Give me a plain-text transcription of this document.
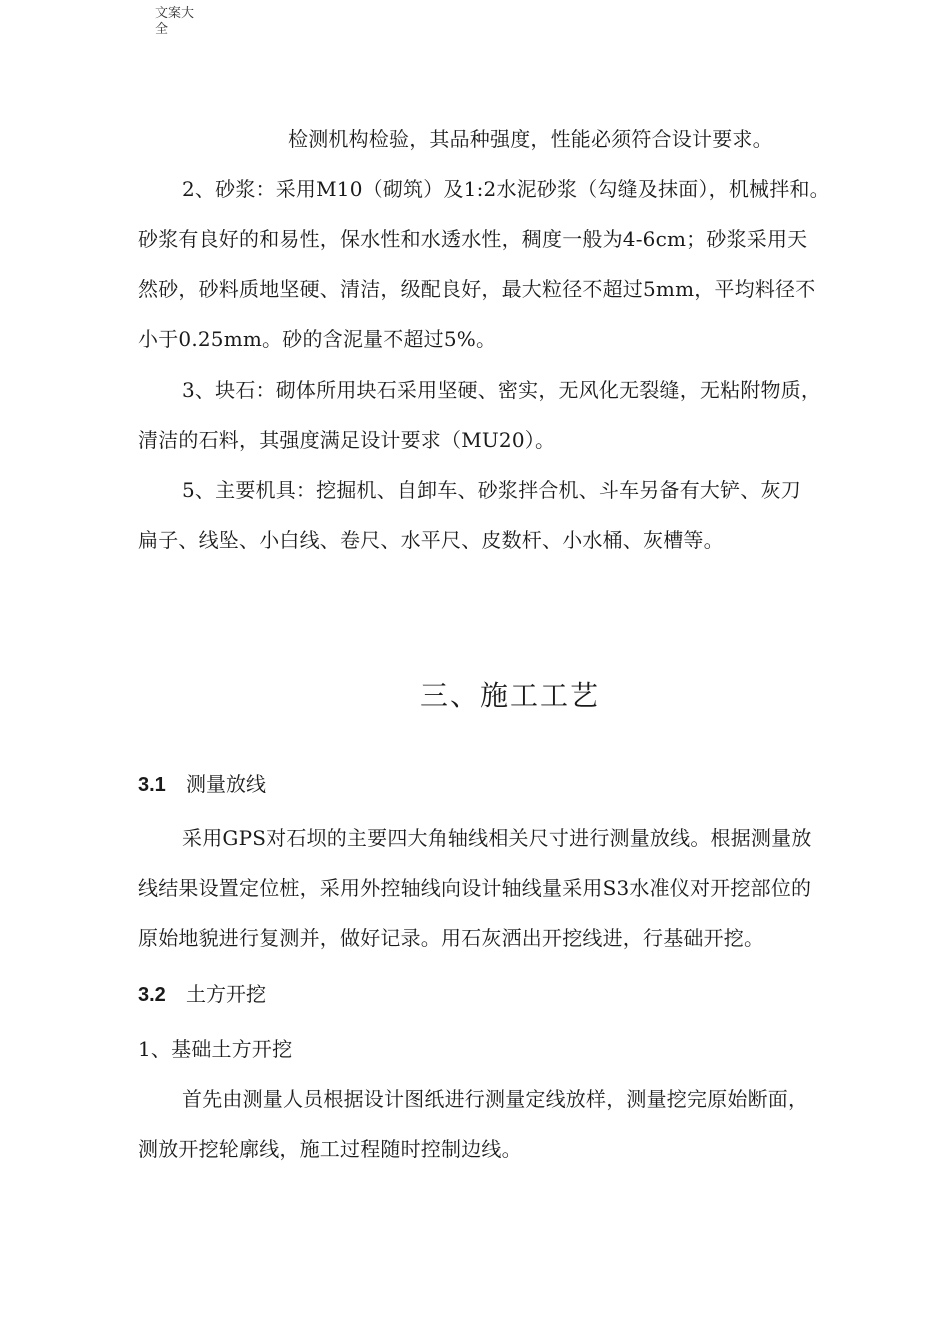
文案大全
检测机构检验，其品种强度，性能必须符合设计要求。
2、砂浆：采用M10（砌筑）及1:2水泥砂浆（勾缝及抹面），机械拌和。
砂浆有良好的和易性，保水性和水透水性，稠度一般为4-6cm；砂浆采用天
然砂，砂料质地坚硬、清洁，级配良好，最大粒径不超过5mm，平均料径不
小于0.25mm。砂的含泥量不超过5%。
3、块石：砌体所用块石采用坚硬、密实，无风化无裂缝，无粘附物质，
清洁的石料，其强度满足设计要求（MU20）。
5、主要机具：挖掘机、自卸车、砂浆拌合机、斗车另备有大铲、灰刀
扁子、线坠、小白线、卷尺、水平尺、皮数杆、小水桶、灰槽等。
三、施工工艺
3.1 测量放线
采用GPS对石坝的主要四大角轴线相关尺寸进行测量放线。根据测量放
线结果设置定位桩，采用外控轴线向设计轴线量采用S3水准仪对开挖部位的
原始地貌进行复测并，做好记录。用石灰洒出开挖线进，行基础开挖。
3.2 土方开挖
1、基础土方开挖
首先由测量人员根据设计图纸进行测量定线放样，测量挖完原始断面，
测放开挖轮廓线，施工过程随时控制边线。
